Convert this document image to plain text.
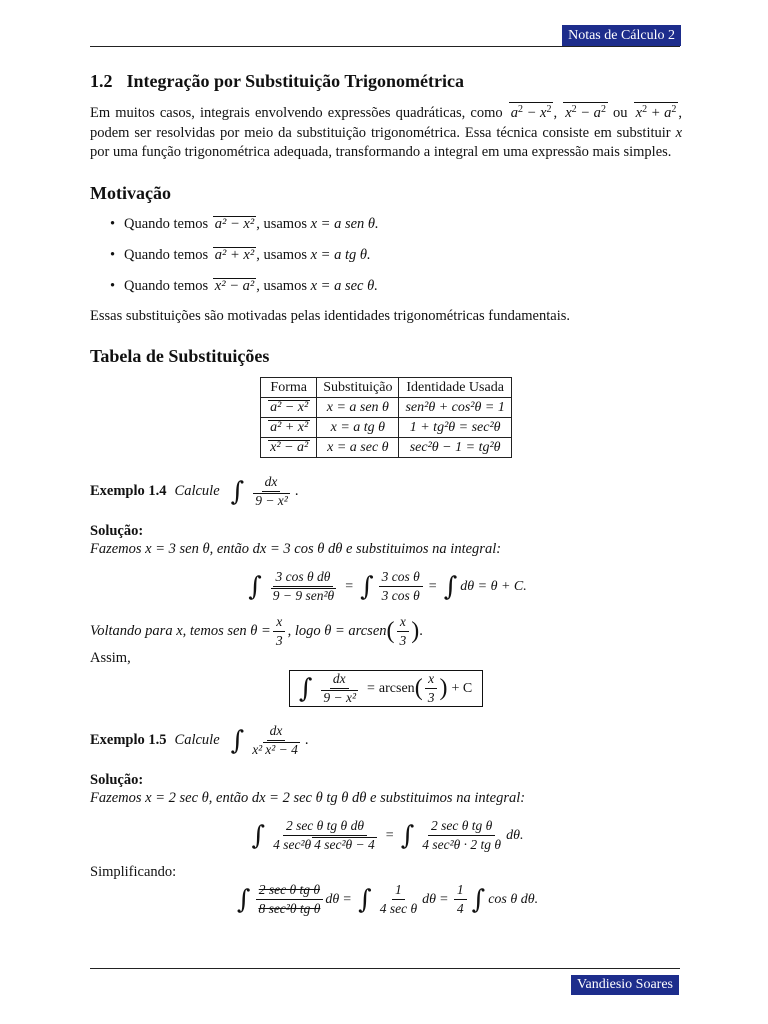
Notas de Cálculo 2
1.2 Integração por Substituição Trigonométrica

Em muitos casos, integrais envolvendo expressões quadráticas, como $a^2 - x^2$ , $x^2 - a^2$ ou $x^2 + a^2$ , podem ser resolvidas por meio da substituição trigonométrica. Essa técnica consiste em substituir x por uma função trigonométrica adequada, transformando a integral em uma expressão mais simples.

Motivação
• Quando temos a² − x² , usamos x = a sen θ.
• Quando temos a² + x² , usamos x = a tg θ.
• Quando temos x² − a² , usamos x = a sec θ.

Essas substituições são motivadas pelas identidades trigonométricas fundamentais.

Tabela de Substituições
Forma	Substituição	Identidade Usada
a² − x²	x = a sen θ	sen²θ + cos²θ = 1
a² + x²	x = a tg θ	1 + tg²θ = sec²θ
x² − a²	x = a sec θ	sec²θ − 1 = tg²θ
Exemplo 1.4 Calcule ∫ $\frac{dx}{\text{9 − x²}}$ .
Solução:
Fazemos x = 3 sen θ, então dx = 3 cos θ dθ e substituimos na integral:
∫ $\frac{\text{3 cos θ dθ}}{\text{9 − 9 sen²θ}}$ = ∫ $\frac{\text{3 cos θ}}{\text{3 cos θ}}$ = ∫ dθ = θ + C.
Voltando para x, temos sen $\theta = \frac{x}{3}$ , logo θ = arcsen ( $\frac{x}{3}$ ) .
Assim,
∫ $\frac{dx}{\text{9 − x²}}$ = arcsen ( $\frac{x}{3}$ ) + C
Exemplo 1.5 Calcule ∫ $\frac{dx}{\text{x² x² − 4}}$ .
Solução:
Fazemos x = 2 sec θ, então dx = 2 sec θ tg θ dθ e substituimos na integral:
∫ $\frac{\text{2 sec θ tg θ dθ}}{\text{4 sec²θ 4 sec²θ − 4}}$ = ∫ $\frac{\text{2 sec θ tg θ}}{\text{4 sec²θ · 2 tg θ}} d\theta$.
Simplificando:
∫ $\frac{\text{2 sec θ tg θ}}{\text{8 sec²θ tg θ}}$ dθ = ∫ $\frac{1}{\text{4 sec θ}}$ $d\theta = \frac{1}{4}$ ∫ cos θ dθ.
Vandiesio Soares
